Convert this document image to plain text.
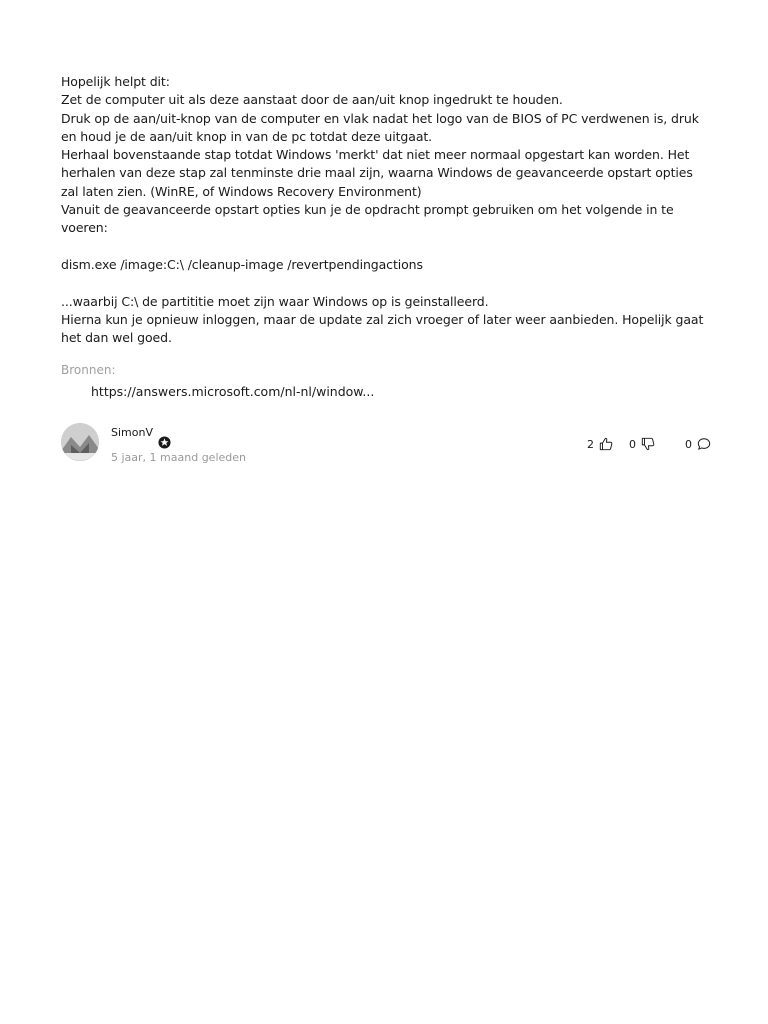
Hopelijk helpt dit:

Zet de computer uit als deze aanstaat door de aan/uit knop ingedrukt te houden.

Druk op de aan/uit-knop van de computer en vlak nadat het logo van de BIOS of PC verdwenen is, druk en houd je de aan/uit knop in van de pc totdat deze uitgaat.

Herhaal bovenstaande stap totdat Windows 'merkt' dat niet meer normaal opgestart kan worden. Het herhalen van deze stap zal tenminste drie maal zijn, waarna Windows de geavanceerde opstart opties zal laten zien. (WinRE, of Windows Recovery Environment)

Vanuit de geavanceerde opstart opties kun je de opdracht prompt gebruiken om het volgende in te voeren:

dism.exe /image:C:\ /cleanup-image /revertpendingactions

...waarbij C:\ de partititie moet zijn waar Windows op is geinstalleerd.

Hierna kun je opnieuw inloggen, maar de update zal zich vroeger of later weer aanbieden. Hopelijk gaat het dan wel goed.

Bronnen:
https://answers.microsoft.com/nl-nl/window...
SimonV
5 jaar, 1 maand geleden
2	0	0
